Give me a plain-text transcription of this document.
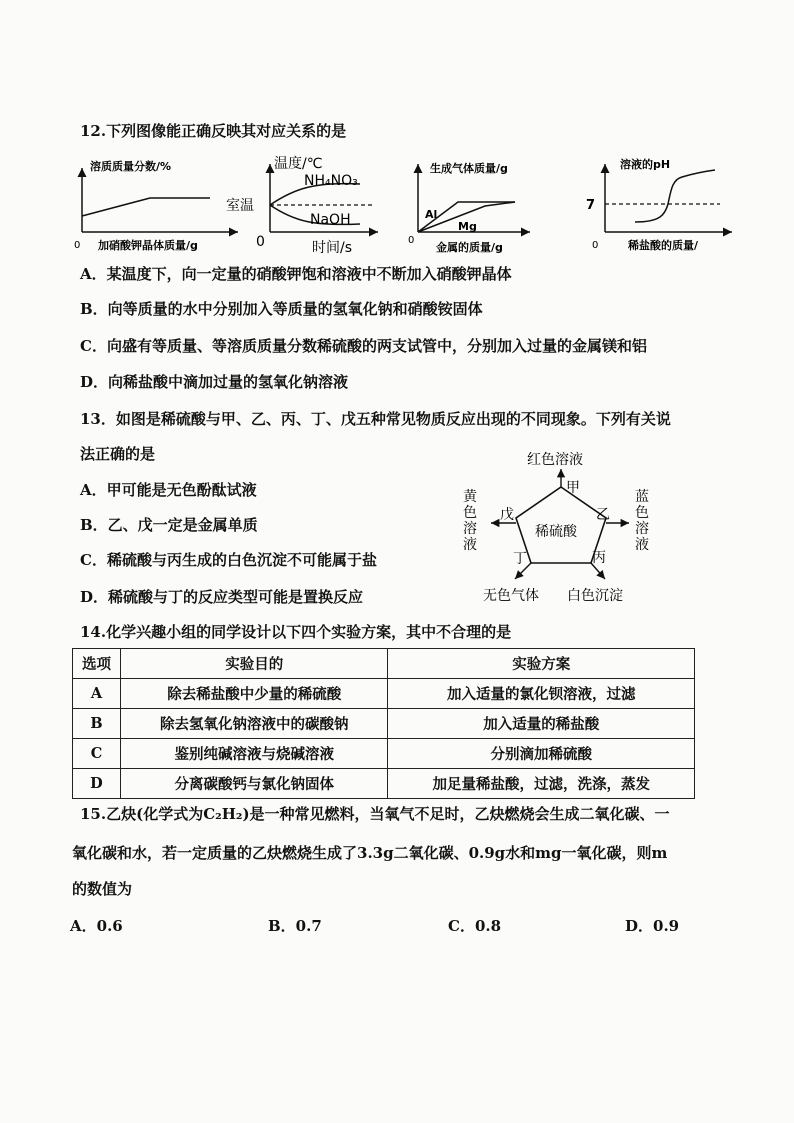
12.下列图像能正确反映其对应关系的是
溶质质量分数/%
0 加硝酸钾晶体质量/g
温度/℃
NH₄NO₃
室温
NaOH
0	时间/s
生成气体质量/g
Al
Mg
0
金属的质量/g
溶液的pH
7
0	稀盐酸的质量/
A．某温度下，向一定量的硝酸钾饱和溶液中不断加入硝酸钾晶体
B．向等质量的水中分别加入等质量的氢氧化钠和硝酸铵固体
C．向盛有等质量、等溶质质量分数稀硫酸的两支试管中，分别加入过量的金属镁和铝
D．向稀盐酸中滴加过量的氢氧化钠溶液
13．如图是稀硫酸与甲、乙、丙、丁、戊五种常见物质反应出现的不同现象。下列有关说
法正确的是
A．甲可能是无色酚酞试液
B．乙、戊一定是金属单质
C．稀硫酸与丙生成的白色沉淀不可能属于盐
D．稀硫酸与丁的反应类型可能是置换反应
稀硫酸
甲
乙
丙
丁
戊
红色溶液
无色气体 白色沉淀
黄色溶液
蓝色溶液
14.化学兴趣小组的同学设计以下四个实验方案，其中不合理的是
选项	实验目的	实验方案
A	除去稀盐酸中少量的稀硫酸	加入适量的氯化钡溶液，过滤
B	除去氢氧化钠溶液中的碳酸钠	加入适量的稀盐酸
C	鉴别纯碱溶液与烧碱溶液	分别滴加稀硫酸
D	分离碳酸钙与氯化钠固体	加足量稀盐酸，过滤，洗涤，蒸发
15.乙炔(化学式为C₂H₂)是一种常见燃料，当氧气不足时，乙炔燃烧会生成二氧化碳、一
氧化碳和水，若一定质量的乙炔燃烧生成了3.3g二氧化碳、0.9g水和mg一氧化碳，则m
的数值为
A．0.6	B．0.7	C．0.8	D．0.9
